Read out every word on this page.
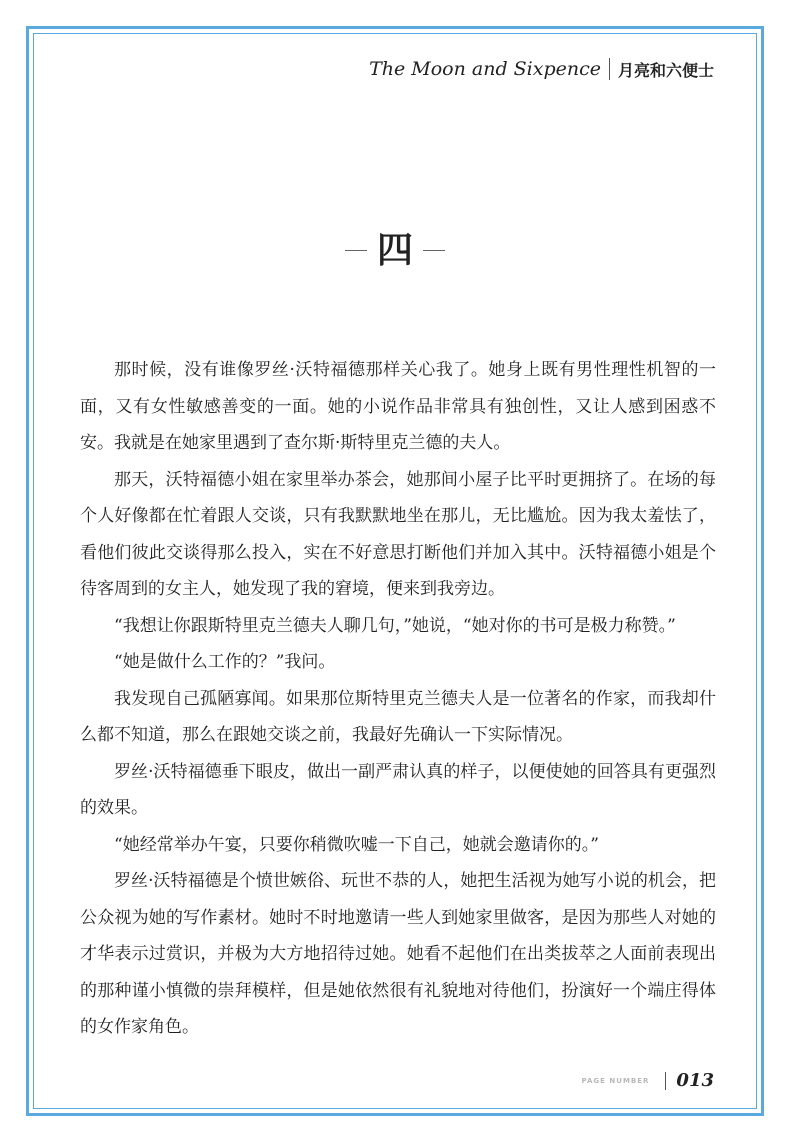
The Moon and Sixpence 月亮和六便士
四

那时候，没有谁像罗丝·沃特福德那样关心我了。她身上既有男性理性机智的一面，又有女性敏感善变的一面。她的小说作品非常具有独创性，又让人感到困惑不安。我就是在她家里遇到了查尔斯·斯特里克兰德的夫人。

那天，沃特福德小姐在家里举办茶会，她那间小屋子比平时更拥挤了。在场的每个人好像都在忙着跟人交谈，只有我默默地坐在那儿，无比尴尬。因为我太羞怯了，看他们彼此交谈得那么投入，实在不好意思打断他们并加入其中。沃特福德小姐是个待客周到的女主人，她发现了我的窘境，便来到我旁边。

“我想让你跟斯特里克兰德夫人聊几句，”她说，“她对你的书可是极力称赞。”

“她是做什么工作的？”我问。

我发现自己孤陋寡闻。如果那位斯特里克兰德夫人是一位著名的作家，而我却什么都不知道，那么在跟她交谈之前，我最好先确认一下实际情况。

罗丝·沃特福德垂下眼皮，做出一副严肃认真的样子，以便使她的回答具有更强烈的效果。

“她经常举办午宴，只要你稍微吹嘘一下自己，她就会邀请你的。”

罗丝·沃特福德是个愤世嫉俗、玩世不恭的人，她把生活视为她写小说的机会，把公众视为她的写作素材。她时不时地邀请一些人到她家里做客，是因为那些人对她的才华表示过赏识，并极为大方地招待过她。她看不起他们在出类拔萃之人面前表现出的那种谨小慎微的崇拜模样，但是她依然很有礼貌地对待他们，扮演好一个端庄得体的女作家角色。

PAGE NUMBER 013
